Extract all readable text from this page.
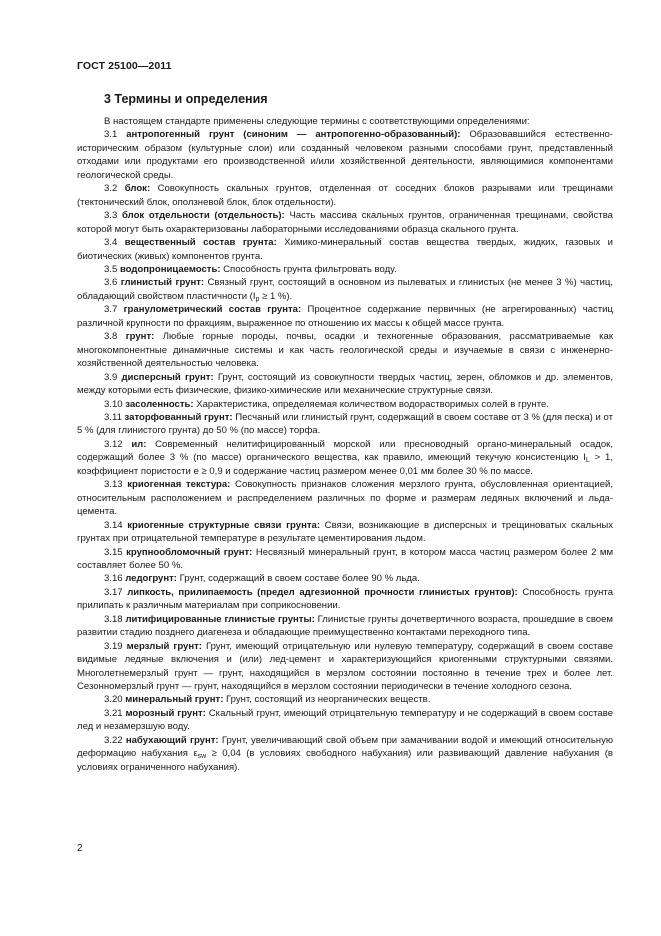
ГОСТ 25100—2011
3 Термины и определения

В настоящем стандарте применены следующие термины с соответствующими определениями:

3.1 антропогенный грунт (синоним — антропогенно-образованный): Образовавшийся естественно-историческим образом (культурные слои) или созданный человеком разными способами грунт, представленный отходами или продуктами его производственной и/или хозяйственной деятельности, являющимися компонентами геологической среды.

3.2 блок: Совокупность скальных грунтов, отделенная от соседних блоков разрывами или трещинами (тектонический блок, оползневой блок, блок отдельности).

3.3 блок отдельности (отдельность): Часть массива скальных грунтов, ограниченная трещинами, свойства которой могут быть охарактеризованы лабораторными исследованиями образца скального грунта.

3.4 вещественный состав грунта: Химико-минеральный состав вещества твердых, жидких, газовых и биотических (живых) компонентов грунта.

3.5 водопроницаемость: Способность грунта фильтровать воду.

3.6 глинистый грунт: Связный грунт, состоящий в основном из пылеватых и глинистых (не менее 3 %) частиц, обладающий свойством пластичности ($I_p \ge 1$ %).

3.7 гранулометрический состав грунта: Процентное содержание первичных (не агрегированных) частиц различной крупности по фракциям, выраженное по отношению их массы к общей массе грунта.

3.8 грунт: Любые горные породы, почвы, осадки и техногенные образования, рассматриваемые как многокомпонентные динамичные системы и как часть геологической среды и изучаемые в связи с инженерно-хозяйственной деятельностью человека.

3.9 дисперсный грунт: Грунт, состоящий из совокупности твердых частиц, зерен, обломков и др. элементов, между которыми есть физические, физико-химические или механические структурные связи.

3.10 засоленность: Характеристика, определяемая количеством водорастворимых солей в грунте.

3.11 заторфованный грунт: Песчаный или глинистый грунт, содержащий в своем составе от 3 % (для песка) и от 5 % (для глинистого грунта) до 50 % (по массе) торфа.

3.12 ил: Современный нелитифицированный морской или пресноводный органо-минеральный осадок, содержащий более 3 % (по массе) органического вещества, как правило, имеющий текучую консистенцию $I_L > 1$, коэффициент пористости e ≥ 0,9 и содержание частиц размером менее 0,01 мм более 30 % по массе.

3.13 криогенная текстура: Совокупность признаков сложения мерзлого грунта, обусловленная ориентацией, относительным расположением и распределением различных по форме и размерам ледяных включений и льда-цемента.

3.14 криогенные структурные связи грунта: Связи, возникающие в дисперсных и трещиноватых скальных грунтах при отрицательной температуре в результате цементирования льдом.

3.15 крупнообломочный грунт: Несвязный минеральный грунт, в котором масса частиц размером более 2 мм составляет более 50 %.

3.16 ледогрунт: Грунт, содержащий в своем составе более 90 % льда.

3.17 липкость, прилипаемость (предел адгезионной прочности глинистых грунтов): Способность грунта прилипать к различным материалам при соприкосновении.

3.18 литифицированные глинистые грунты: Глинистые грунты дочетвертичного возраста, прошедшие в своем развитии стадию позднего диагенеза и обладающие преимущественно контактами переходного типа.

3.19 мерзлый грунт: Грунт, имеющий отрицательную или нулевую температуру, содержащий в своем составе видимые ледяные включения и (или) лед-цемент и характеризующийся криогенными структурными связями. Многолетнемерзлый грунт — грунт, находящийся в мерзлом состоянии постоянно в течение трех и более лет. Сезонномерзлый грунт — грунт, находящийся в мерзлом состоянии периодически в течение холодного сезона.

3.20 минеральный грунт: Грунт, состоящий из неорганических веществ.

3.21 морозный грунт: Скальный грунт, имеющий отрицательную температуру и не содержащий в своем составе лед и незамерзшую воду.

3.22 набухающий грунт: Грунт, увеличивающий свой объем при замачивании водой и имеющий относительную деформацию набухания $\varepsilon_{sw} \ge 0,04$ (в условиях свободного набухания) или развивающий давление набухания (в условиях ограниченного набухания).

2
